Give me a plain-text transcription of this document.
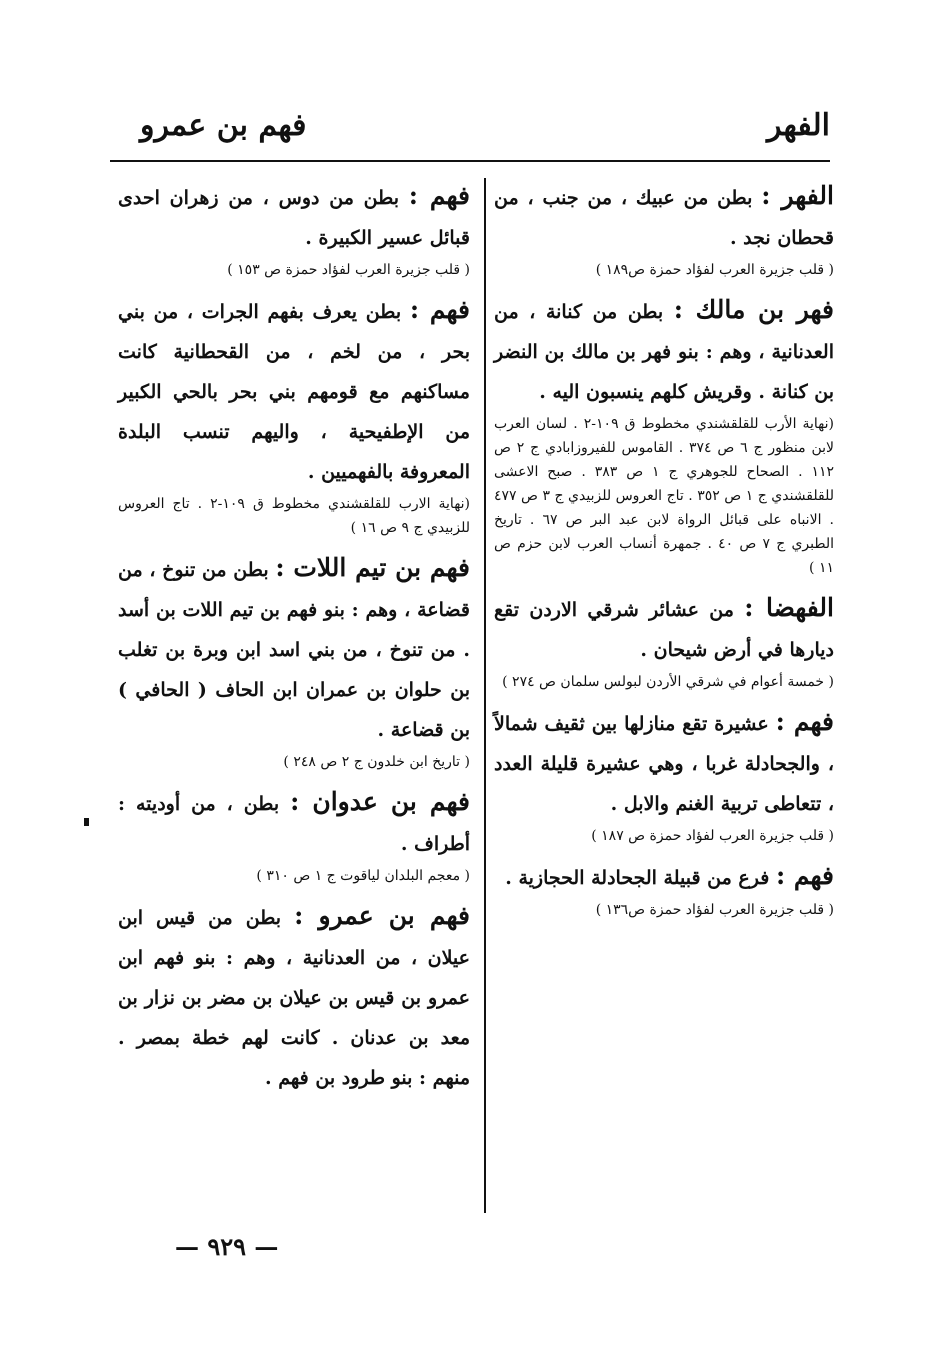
الفهر
فهم بن عمرو

الفهر : بطن من عبيك ، من جنب ، من قحطان نجد .

( قلب جزيرة العرب لفؤاد حمزة ص١٨٩ )

فهر بن مالك : بطن من كنانة ، من العدنانية ، وهم : بنو فهر بن مالك بن النضر بن كنانة . وقريش كلهم ينسبون اليه .

(نهاية الأرب للقلقشندي مخطوط ق ١٠٩-٢ . لسان العرب لابن منظور ج ٦ ص ٣٧٤ . القاموس للفيروزابادي ج ٢ ص ١١٢ . الصحاح للجوهري ج ١ ص ٣٨٣ . صبح الاعشى للقلقشندي ج ١ ص ٣٥٢ . تاج العروس للزبيدي ج ٣ ص ٤٧٧ . الانباه على قبائل الرواة لابن عبد البر ص ٦٧ . تاريخ الطبري ج ٧ ص ٤٠ . جمهرة أنساب العرب لابن حزم ص ١١ )

الفهضا : من عشائر شرقي الاردن تقع ديارها في أرض شيحان .

( خمسة أعوام في شرقي الأردن لبولس سلمان ص ٢٧٤ )

فهم : عشيرة تقع منازلها بين ثقيف شمالاً ، والجحادلة غربا ، وهي عشيرة قليلة العدد ، تتعاطى تربية الغنم والابل .

( قلب جزيرة العرب لفؤاد حمزة ص ١٨٧ )

فهم : فرع من قبيلة الجحادلة الحجازية .

( قلب جزيرة العرب لفؤاد حمزة ص١٣٦ )

فهم : بطن من دوس ، من زهران احدى قبائل عسير الكبيرة .

( قلب جزيرة العرب لفؤاد حمزة ص ١٥٣ )

فهم : بطن يعرف بفهم الجرات ، من بني بحر ، من لخم ، من القحطانية كانت مساكنهم مع قومهم بني بحر بالحي الكبير من الإطفيحية ، واليهم تنسب البلدة المعروفة بالفهميين .

(نهاية الارب للقلقشندي مخطوط ق ١٠٩-٢ . تاج العروس للزبيدي ج ٩ ص ١٦ )

فهم بن تيم اللات : بطن من تنوخ ، من قضاعة ، وهم : بنو فهم بن تيم اللات بن أسد . من تنوخ ، من بني اسد ابن وبرة بن تغلب بن حلوان بن عمران ابن الحاف ( الحافي ) بن قضاعة .

( تاريخ ابن خلدون ج ٢ ص ٢٤٨ )

فهم بن عدوان : بطن ، من أوديته : أطراف .

( معجم البلدان لياقوت ج ١ ص ٣١٠ )

فهم بن عمرو : بطن من قيس ابن عيلان ، من العدنانية ، وهم : بنو فهم ابن عمرو بن قيس بن عيلان بن مضر بن نزار بن معد بن عدنان . كانت لهم خطة بمصر . منهم : بنو طرود بن فهم .

— ٩٢٩ —
